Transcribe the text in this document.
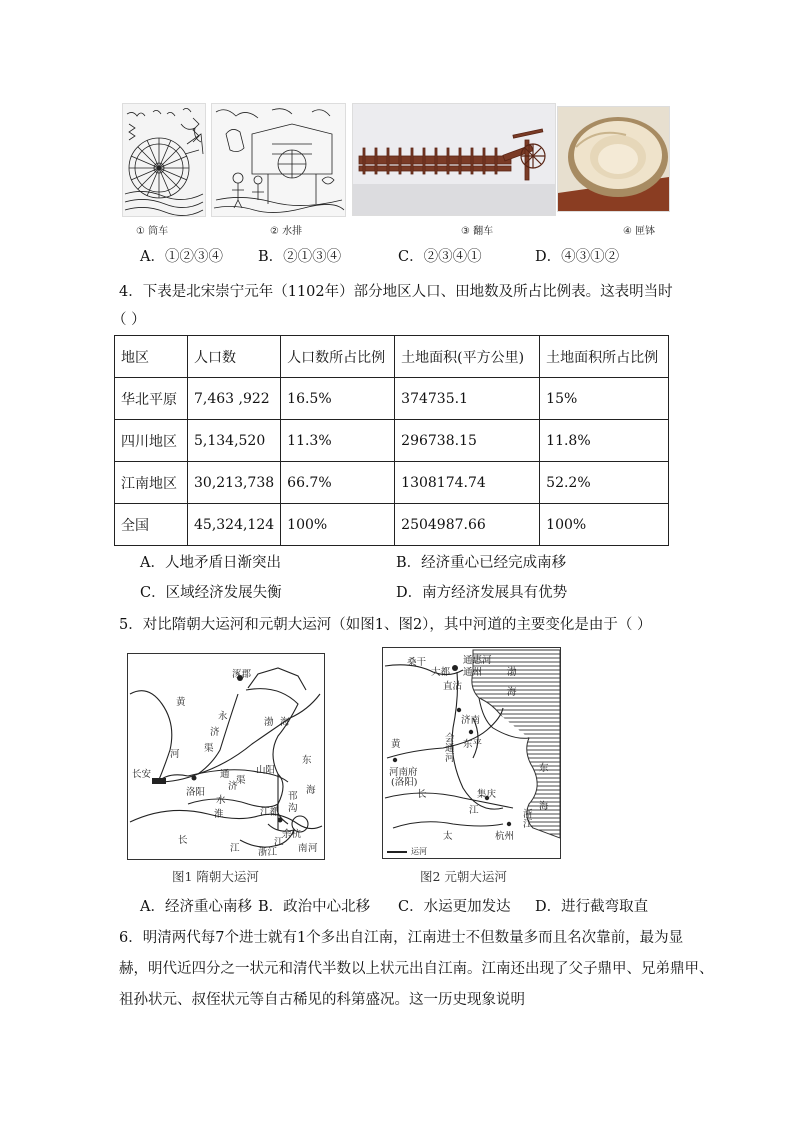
① 筒车	② 水排	③ 翻车	④ 匣钵
A．①②③④ B．②①③④	C．②③④①	D．④③①②
4．下表是北宋崇宁元年（1102年）部分地区人口、田地数及所占比例表。这表明当时
（ ）
地区	人口数	人口数所占比例	土地面积(平方公里)	土地面积所占比例
华北平原	7,463 ,922	16.5%	374735.1	15%
四川地区	5,134,520	11.3%	296738.15	11.8%
江南地区	30,213,738	66.7%	1308174.74	52.2%
全国	45,324,124	100%	2504987.66	100%
A．人地矛盾日渐突出	B．经济重心已经完成南移
C．区域经济发展失衡	D．南方经济发展具有优势
5．对比隋朝大运河和元朝大运河（如图1、图2），其中河道的主要变化是由于（ ）
涿郡
黄
永
济
渠
渤 海
河
长安
洛阳
通
济
渠
山阳
东
海
水
淮	江都
邗
沟
长
江
余杭
浙江
江
南 河
图1 隋朝大运河
桑干
大都
通惠河
通州
直沽
渤
海
济南
东平
黄
会
通
河
河南府
(洛阳)
东
海
长
江
集庆
杭州
太
浙
江
运河
图2 元朝大运河
A．经济重心南移 B．政治中心北移 C．水运更加发达 D．进行截弯取直
6．明清两代每7个进士就有1个多出自江南，江南进士不但数量多而且名次靠前，最为显
赫，明代近四分之一状元和清代半数以上状元出自江南。江南还出现了父子鼎甲、兄弟鼎甲、
祖孙状元、叔侄状元等自古稀见的科第盛况。这一历史现象说明
